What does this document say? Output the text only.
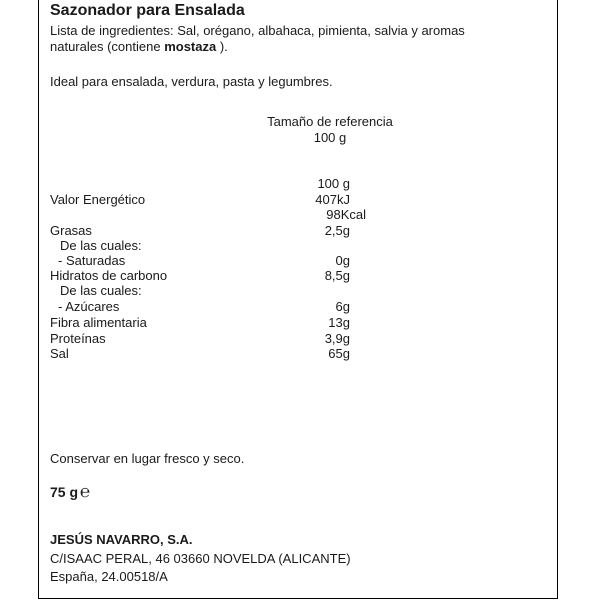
Sazonador para Ensalada
Lista de ingredientes: Sal, orégano, albahaca, pimienta, salvia y aromas naturales (contiene mostaza ).
Ideal para ensalada, verdura, pasta y legumbres.
Tamaño de referencia
100 g
100 g
Valor Energético	407kJ
98Kcal
Grasas	2,5g
De las cuales:
- Saturadas	0g
Hidratos de carbono	8,5g
De las cuales:
- Azúcares	6g
Fibra alimentaria	13g
Proteínas	3,9g
Sal	65g
Conservar en lugar fresco y seco.
75 g ℮
JESÚS NAVARRO, S.A.
C/ISAAC PERAL, 46 03660 NOVELDA (ALICANTE)
España, 24.00518/A
